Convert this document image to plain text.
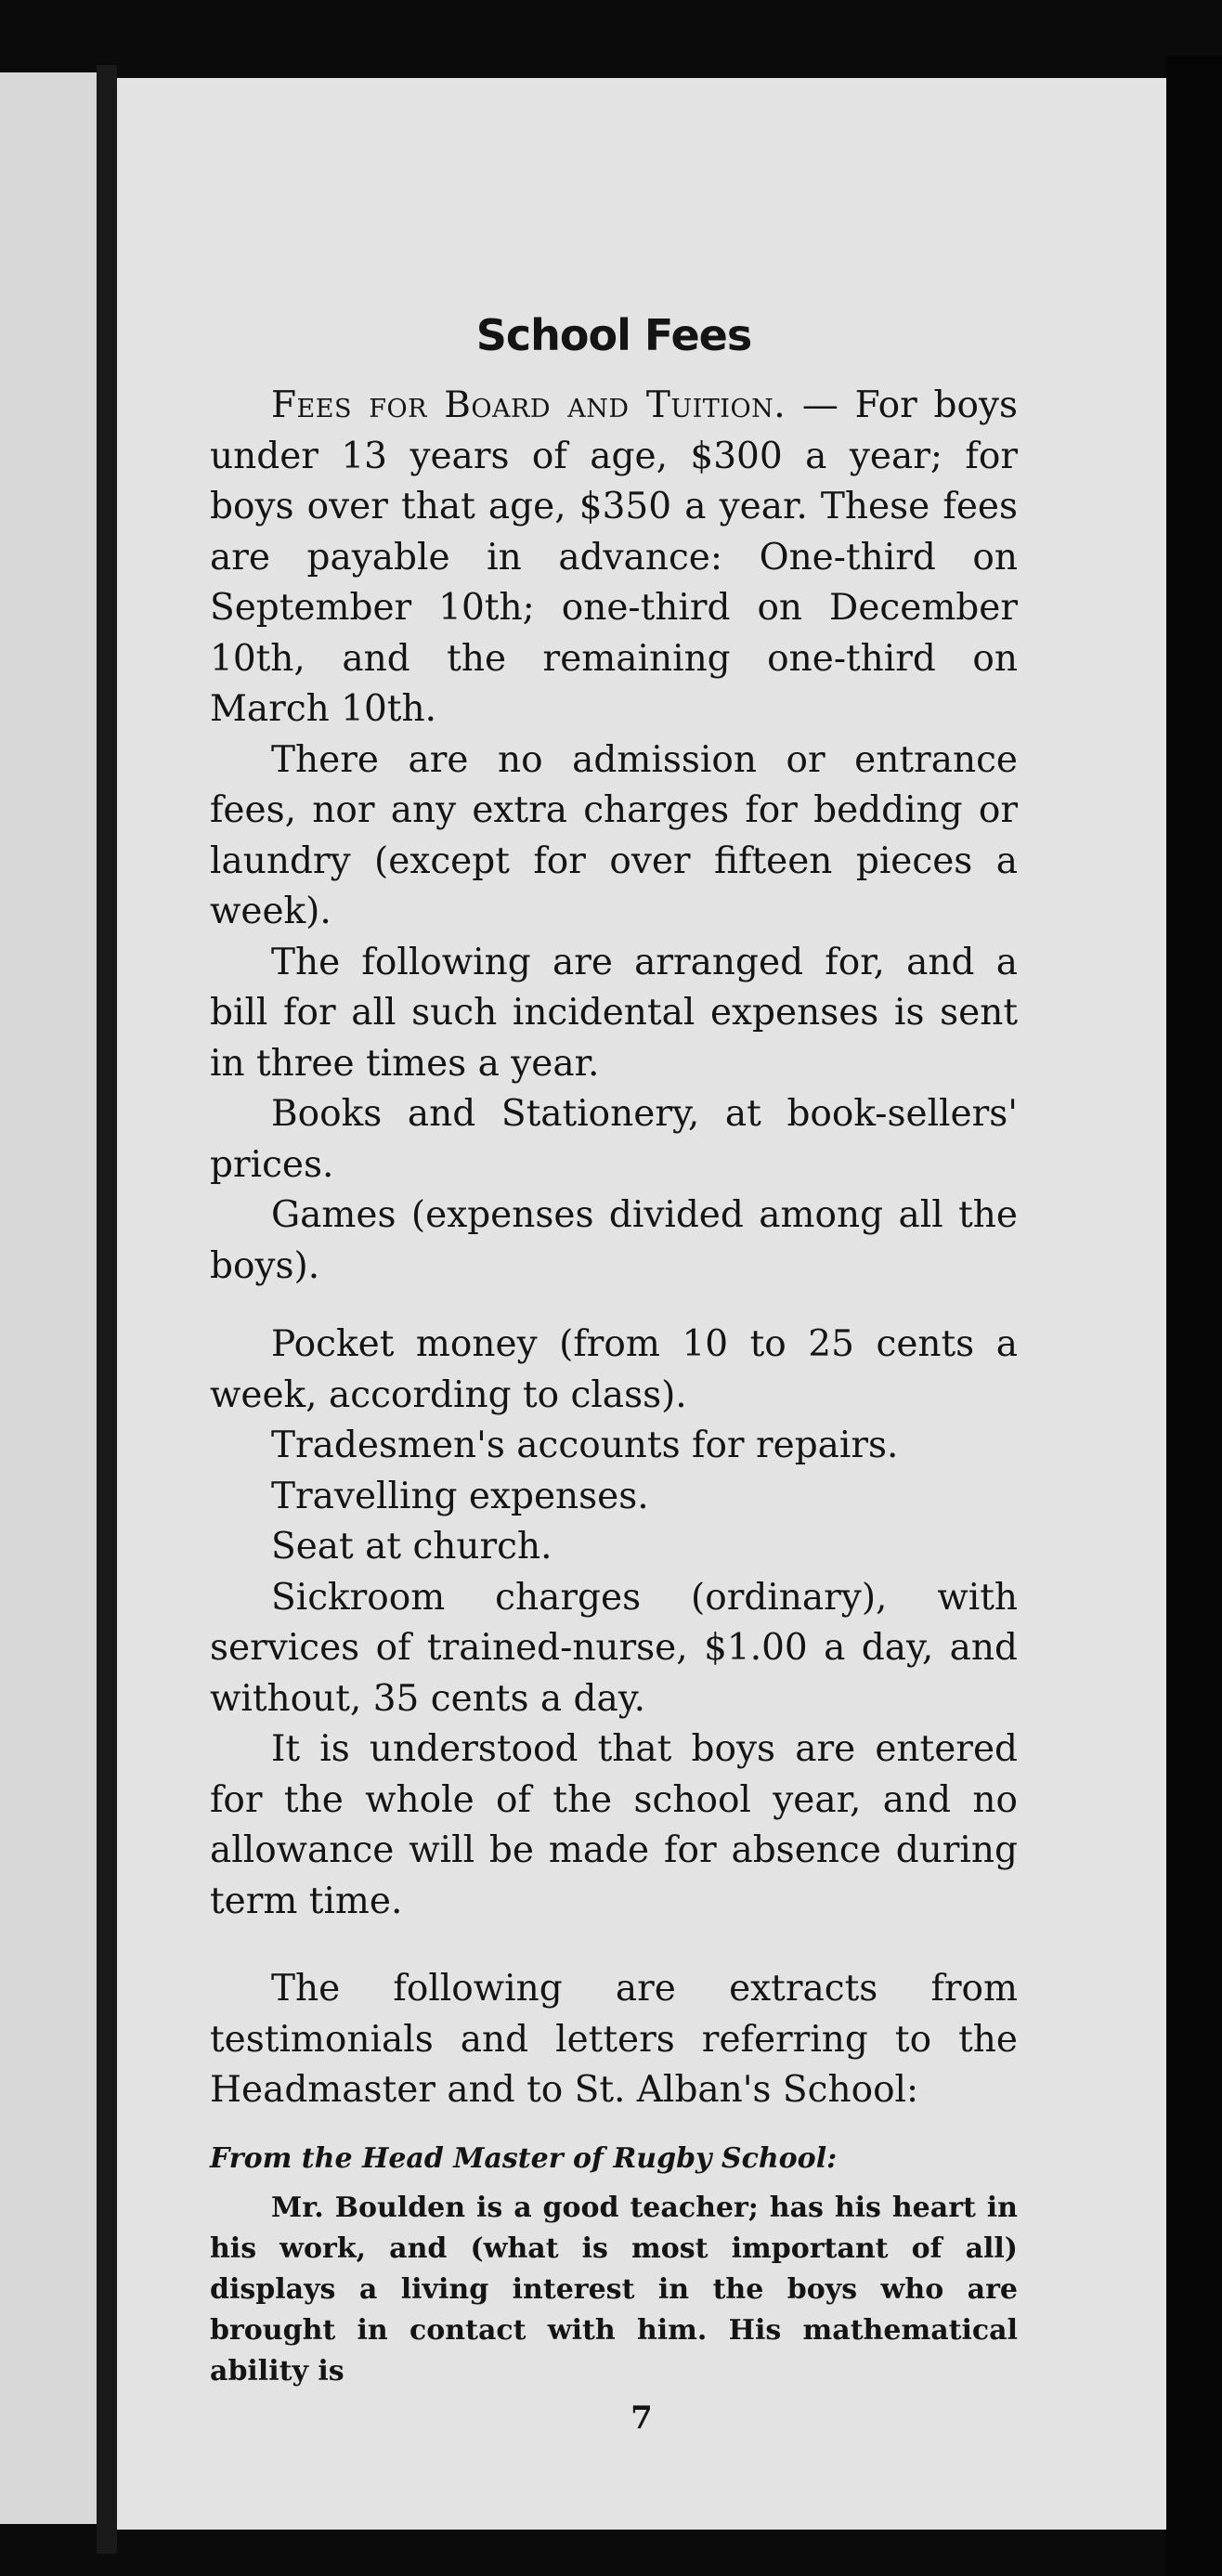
School Fees

Fees for Board and Tuition. — For boys under 13 years of age, $300 a year; for boys over that age, $350 a year. These fees are payable in advance: One-third on September 10th; one-third on December 10th, and the remaining one-third on March 10th.

There are no admission or entrance fees, nor any extra charges for bedding or laundry (except for over fifteen pieces a week).

The following are arranged for, and a bill for all such incidental expenses is sent in three times a year.

Books and Stationery, at book-sellers' prices.

Games (expenses divided among all the boys).

Pocket money (from 10 to 25 cents a week, according to class).

Tradesmen's accounts for repairs.

Travelling expenses.

Seat at church.

Sickroom charges (ordinary), with services of trained-nurse, $1.00 a day, and without, 35 cents a day.

It is understood that boys are entered for the whole of the school year, and no allowance will be made for absence during term time.

The following are extracts from testimonials and letters referring to the Headmaster and to St. Alban's School:

From the Head Master of Rugby School:

Mr. Boulden is a good teacher; has his heart in his work, and (what is most important of all) displays a living interest in the boys who are brought in contact with him. His mathematical ability is

7
